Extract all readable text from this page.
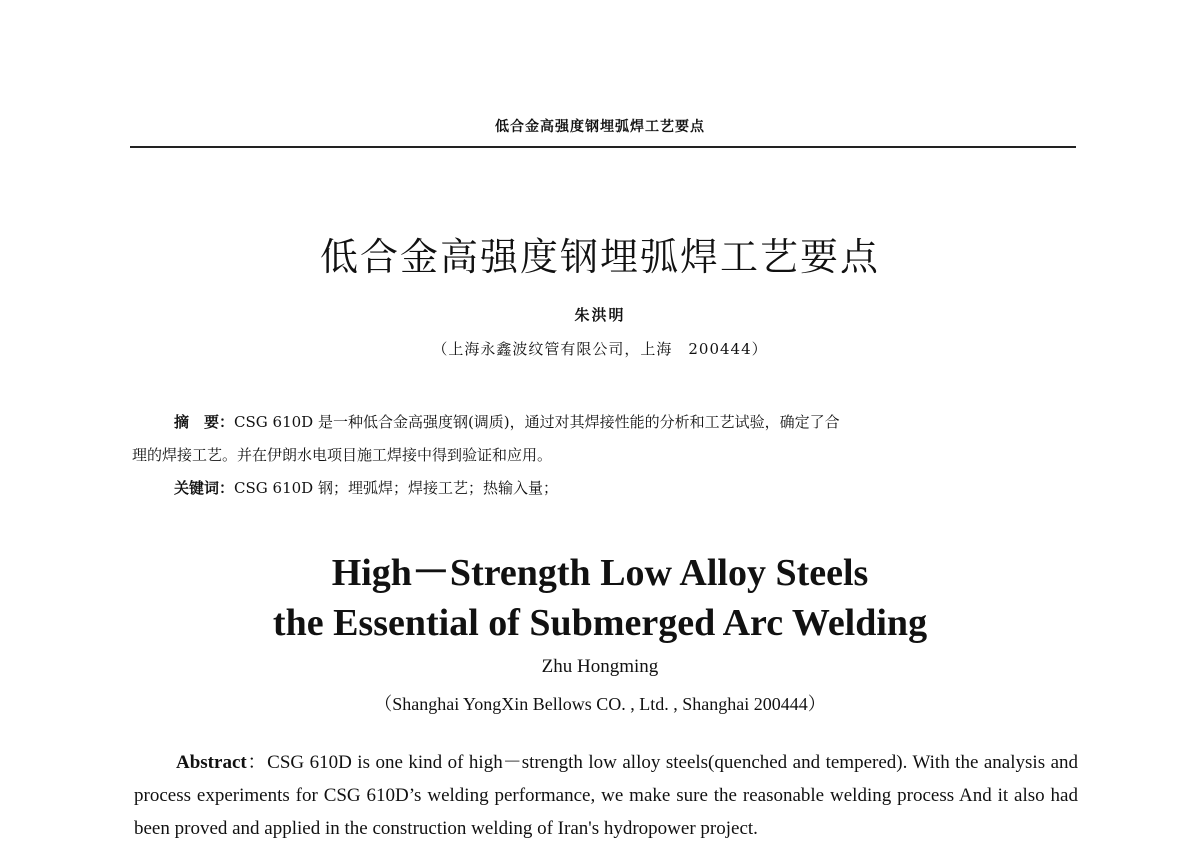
低合金高强度钢埋弧焊工艺要点
低合金高强度钢埋弧焊工艺要点
朱洪明
（上海永鑫波纹管有限公司，上海　200444）

摘　要：CSG 610D 是一种低合金高强度钢(调质)，通过对其焊接性能的分析和工艺试验，确定了合

理的焊接工艺。并在伊朗水电项目施工焊接中得到验证和应用。

关键词：CSG 610D 钢；埋弧焊；焊接工艺；热输入量；

High－Strength Low Alloy Steels
the Essential of Submerged Arc Welding
Zhu Hongming
（Shanghai YongXin Bellows CO. , Ltd. , Shanghai 200444）

Abstract：CSG 610D is one kind of high－strength low alloy steels(quenched and tempered). With the analysis and process experiments for CSG 610D’s welding performance, we make sure the reasonable welding process And it also had been proved and applied in the construction welding of Iran's hydropower project.
